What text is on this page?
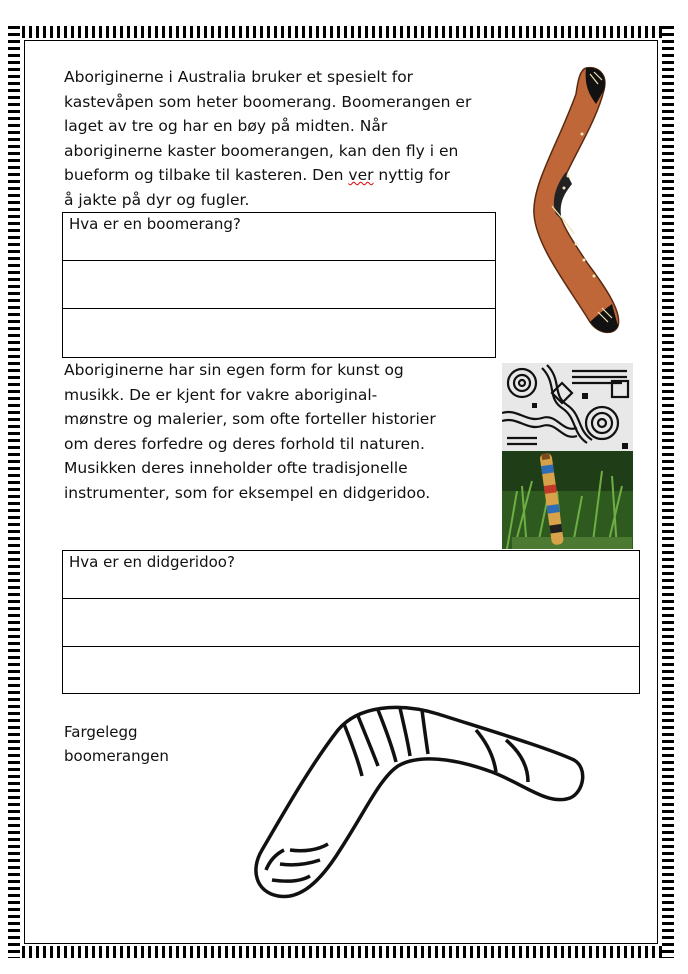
Aboriginerne i Australia bruker et spesielt for
kastevåpen som heter boomerang. Boomerangen er
laget av tre og har en bøy på midten. Når
aboriginerne kaster boomerangen, kan den fly i en
bueform og tilbake til kasteren. Den ver nyttig for
å jakte på dyr og fugler.
Hva er en boomerang?
Aboriginerne har sin egen form for kunst og
musikk. De er kjent for vakre aboriginal-
mønstre og malerier, som ofte forteller historier
om deres forfedre og deres forhold til naturen.
Musikken deres inneholder ofte tradisjonelle
instrumenter, som for eksempel en didgeridoo.
Hva er en didgeridoo?
Fargelegg
boomerangen
